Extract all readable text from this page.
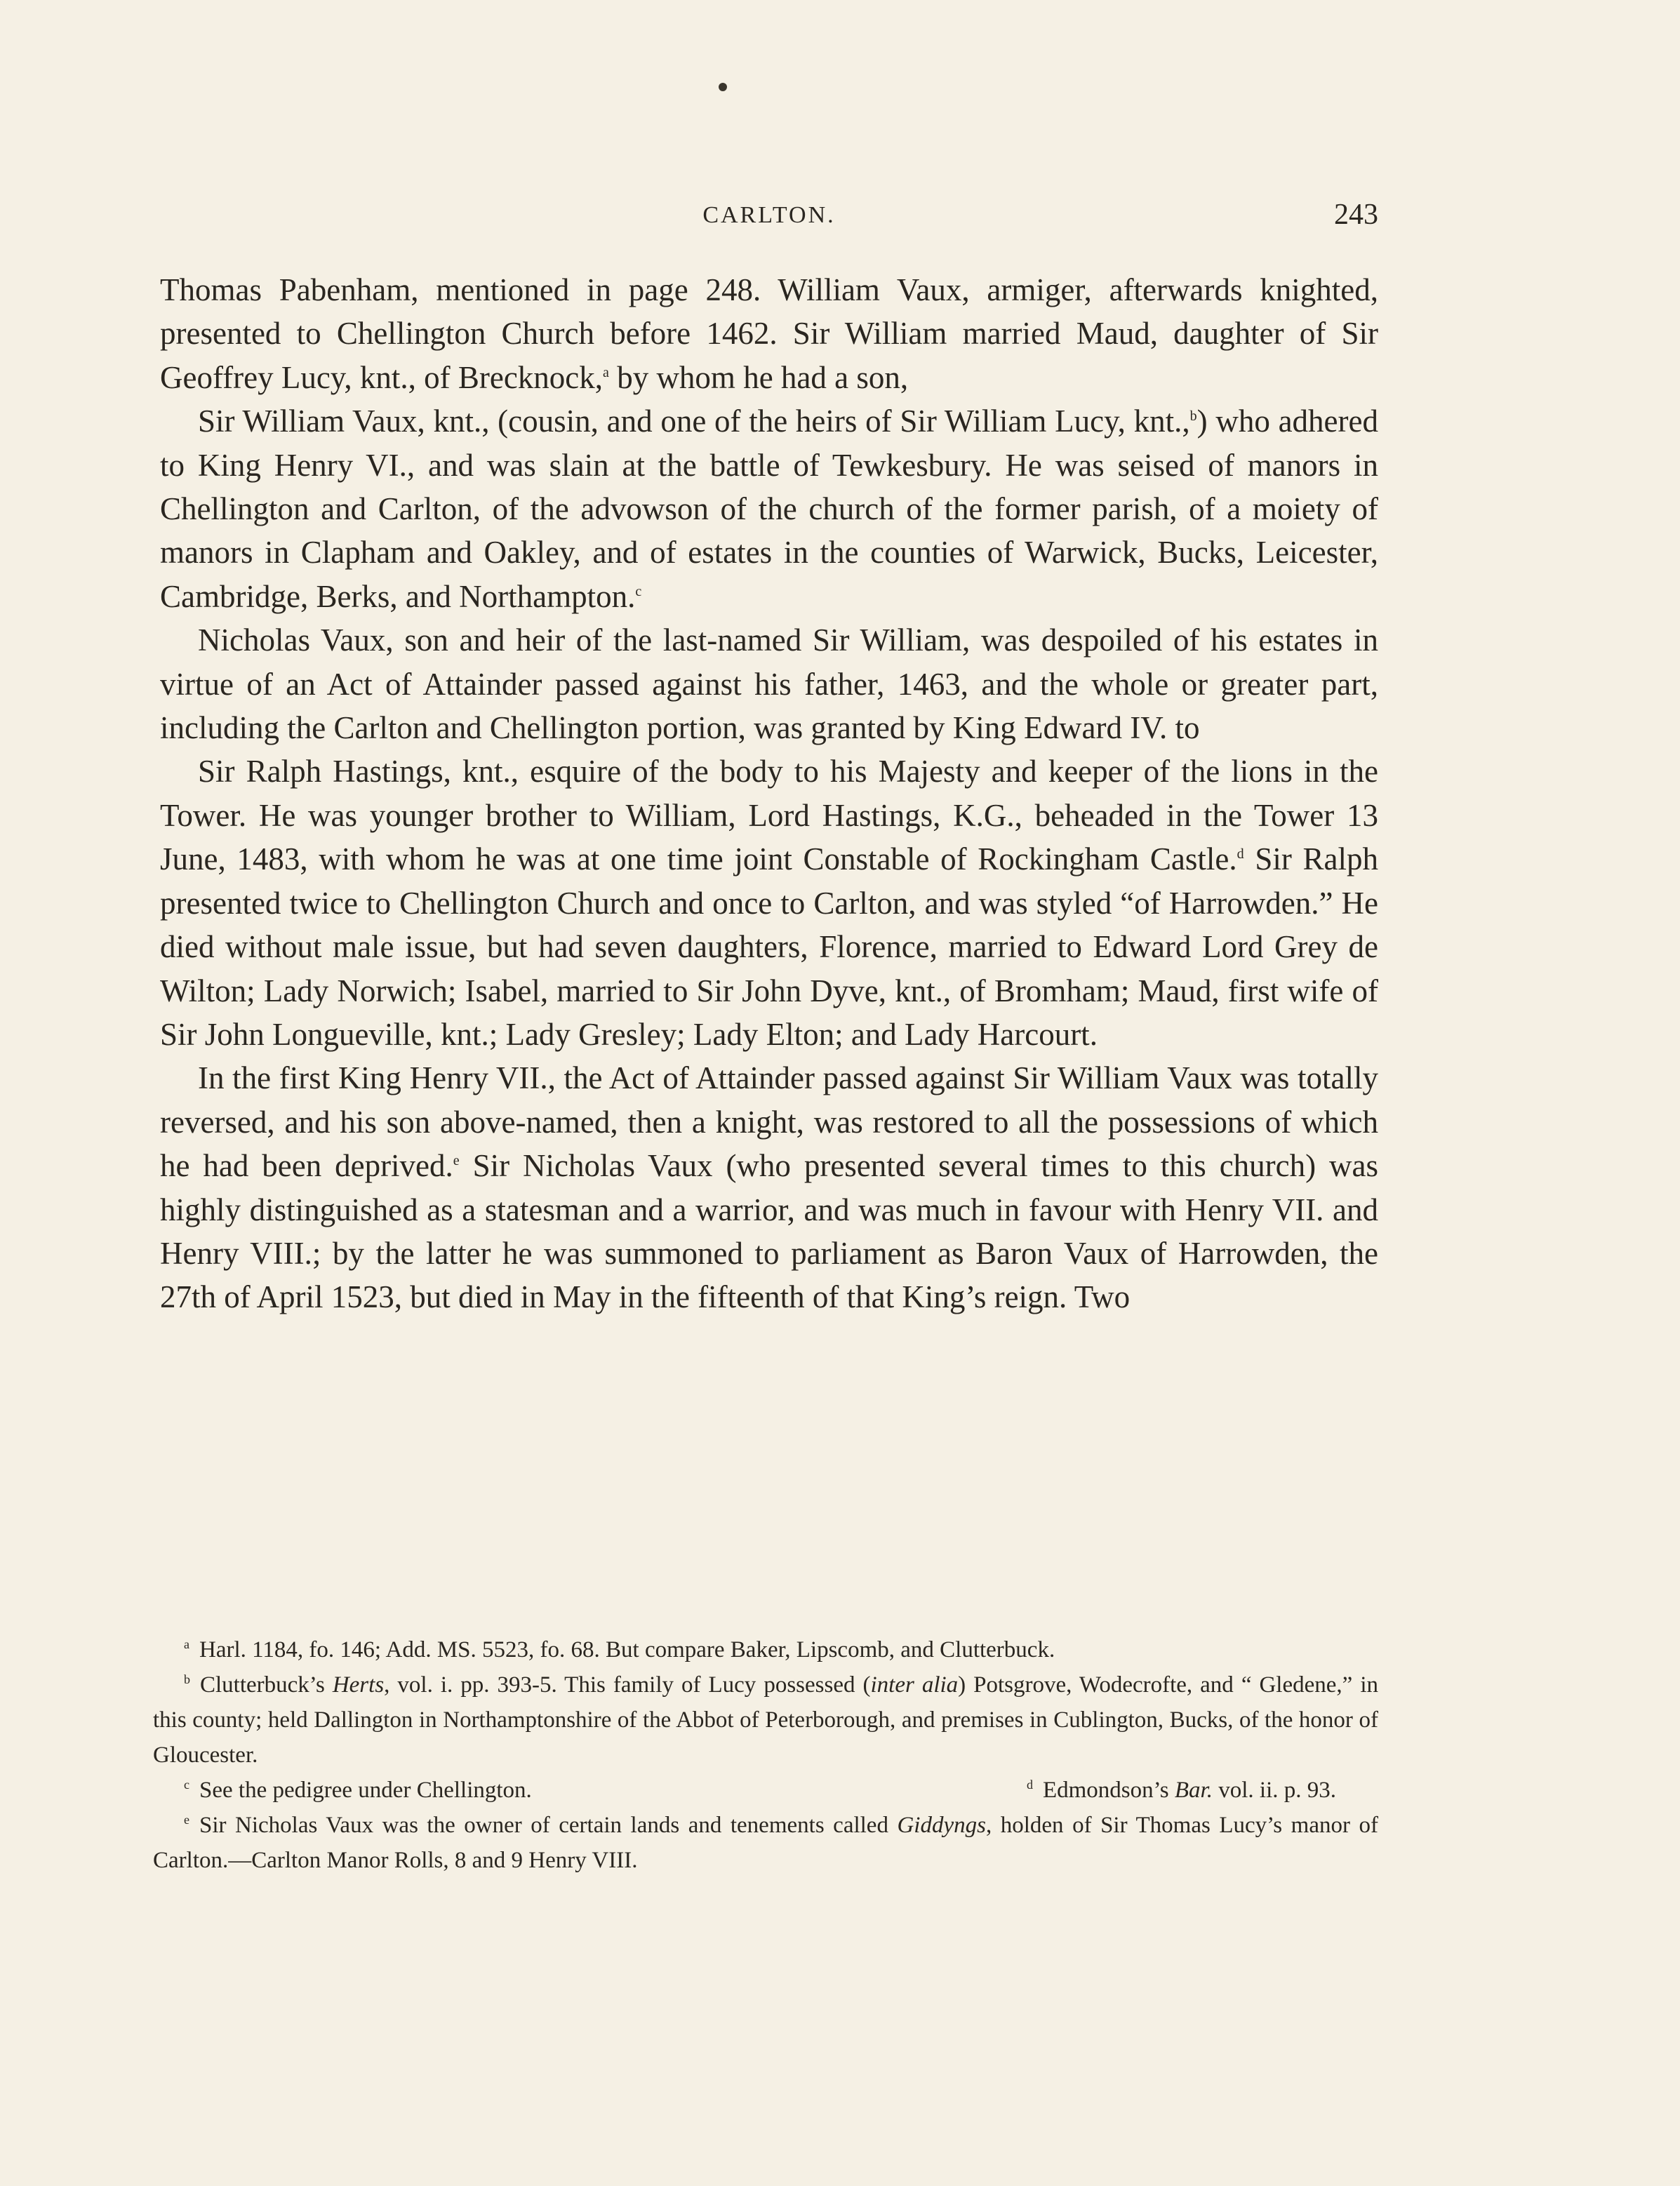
CARLTON.	243

Thomas Pabenham, mentioned in page 248. William Vaux, armiger, afterwards knighted, presented to Chellington Church before 1462. Sir William married Maud, daughter of Sir Geoffrey Lucy, knt., of Brecknock,$^a$ by whom he had a son,

Sir William Vaux, knt., (cousin, and one of the heirs of Sir William Lucy, knt.,$^b$) who adhered to King Henry VI., and was slain at the battle of Tewkesbury. He was seised of manors in Chellington and Carlton, of the advowson of the church of the former parish, of a moiety of manors in Clapham and Oakley, and of estates in the counties of Warwick, Bucks, Leicester, Cambridge, Berks, and Northampton.$^c$

Nicholas Vaux, son and heir of the last-named Sir William, was despoiled of his estates in virtue of an Act of Attainder passed against his father, 1463, and the whole or greater part, including the Carlton and Chellington portion, was granted by King Edward IV. to

Sir Ralph Hastings, knt., esquire of the body to his Majesty and keeper of the lions in the Tower. He was younger brother to William, Lord Hastings, K.G., beheaded in the Tower 13 June, 1483, with whom he was at one time joint Constable of Rockingham Castle.$^d$ Sir Ralph presented twice to Chellington Church and once to Carlton, and was styled “of Harrowden.” He died without male issue, but had seven daughters, Florence, married to Edward Lord Grey de Wilton; Lady Norwich; Isabel, married to Sir John Dyve, knt., of Bromham; Maud, first wife of Sir John Longueville, knt.; Lady Gresley; Lady Elton; and Lady Harcourt.

In the first King Henry VII., the Act of Attainder passed against Sir William Vaux was totally reversed, and his son above-named, then a knight, was restored to all the possessions of which he had been deprived.$^e$ Sir Nicholas Vaux (who presented several times to this church) was highly distinguished as a statesman and a warrior, and was much in favour with Henry VII. and Henry VIII.; by the latter he was summoned to parliament as Baron Vaux of Harrowden, the 27th of April 1523, but died in May in the fifteenth of that King’s reign. Two

$^a$ Harl. 1184, fo. 146; Add. MS. 5523, fo. 68. But compare Baker, Lipscomb, and Clutterbuck.

$^b$ Clutterbuck’s Herts, vol. i. pp. 393-5. This family of Lucy possessed (inter alia) Potsgrove, Wodecrofte, and “ Gledene,” in this county; held Dallington in Northamptonshire of the Abbot of Peterborough, and premises in Cublington, Bucks, of the honor of Gloucester.

$^c$ See the pedigree under Chellington.	$^d$ Edmondson’s Bar. vol. ii. p. 93.

$^e$ Sir Nicholas Vaux was the owner of certain lands and tenements called Giddyngs, holden of Sir Thomas Lucy’s manor of Carlton.—Carlton Manor Rolls, 8 and 9 Henry VIII.
